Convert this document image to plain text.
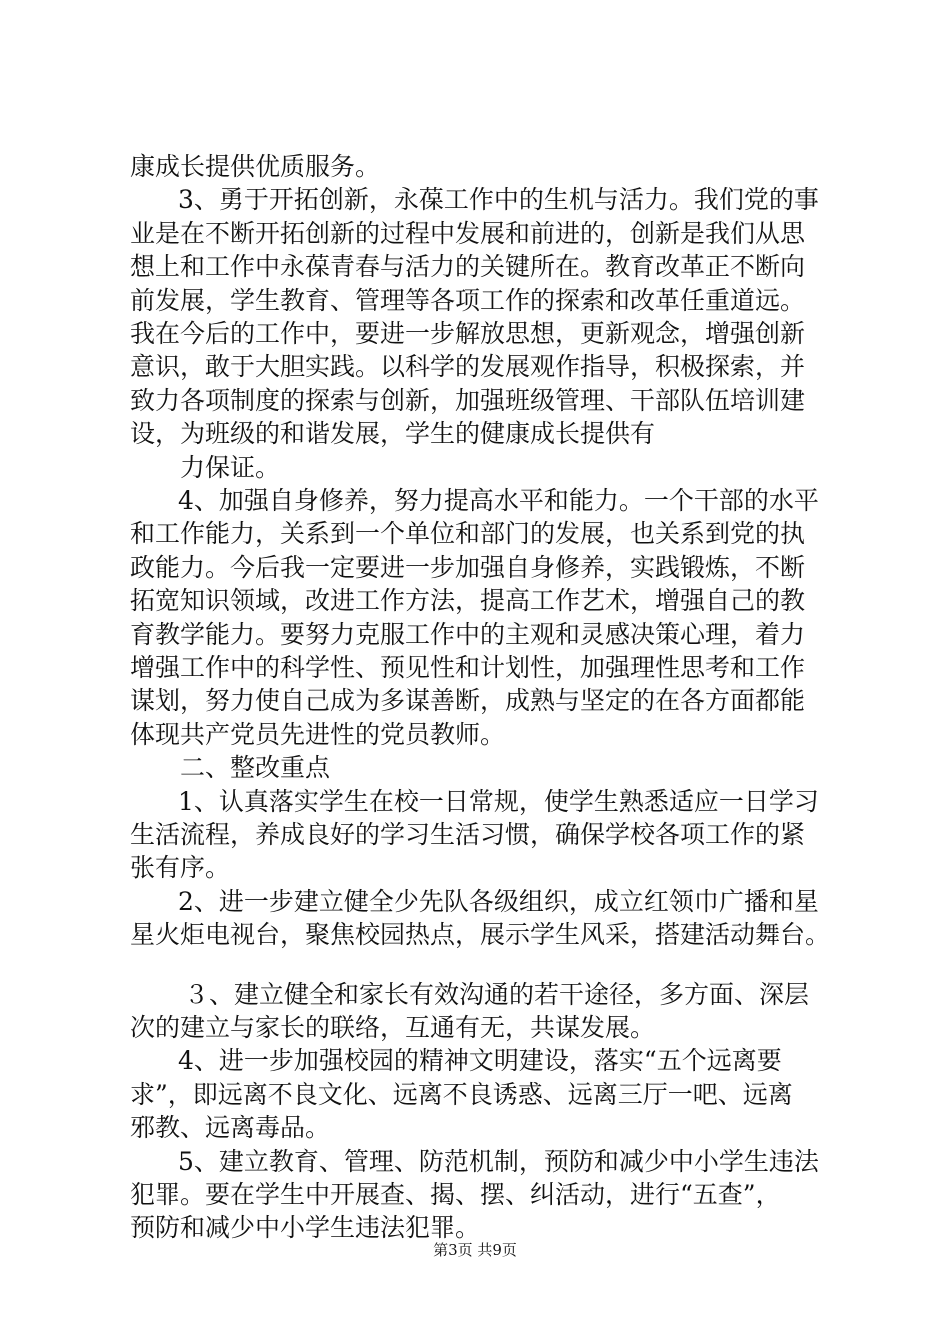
康成长提供优质服务。
3、勇于开拓创新，永葆工作中的生机与活力。我们党的事
业是在不断开拓创新的过程中发展和前进的，创新是我们从思
想上和工作中永葆青春与活力的关键所在。教育改革正不断向
前发展，学生教育、管理等各项工作的探索和改革任重道远。
我在今后的工作中，要进一步解放思想，更新观念，增强创新
意识，敢于大胆实践。以科学的发展观作指导，积极探索，并
致力各项制度的探索与创新，加强班级管理、干部队伍培训建
设，为班级的和谐发展，学生的健康成长提供有
力保证。
4、加强自身修养，努力提高水平和能力。一个干部的水平
和工作能力，关系到一个单位和部门的发展，也关系到党的执
政能力。今后我一定要进一步加强自身修养，实践锻炼，不断
拓宽知识领域，改进工作方法，提高工作艺术，增强自己的教
育教学能力。要努力克服工作中的主观和灵感决策心理，着力
增强工作中的科学性、预见性和计划性，加强理性思考和工作
谋划，努力使自己成为多谋善断，成熟与坚定的在各方面都能
体现共产党员先进性的党员教师。
二、整改重点
1、认真落实学生在校一日常规，使学生熟悉适应一日学习
生活流程，养成良好的学习生活习惯，确保学校各项工作的紧
张有序。
2、进一步建立健全少先队各级组织，成立红领巾广播和星
星火炬电视台，聚焦校园热点，展示学生风采，搭建活动舞台。
３、建立健全和家长有效沟通的若干途径，多方面、深层
次的建立与家长的联络，互通有无，共谋发展。
4、进一步加强校园的精神文明建设，落实“五个远离要
求”，即远离不良文化、远离不良诱惑、远离三厅一吧、远离
邪教、远离毒品。
5、建立教育、管理、防范机制，预防和减少中小学生违法
犯罪。要在学生中开展查、揭、摆、纠活动，进行“五查”，
预防和减少中小学生违法犯罪。
第3页 共9页
